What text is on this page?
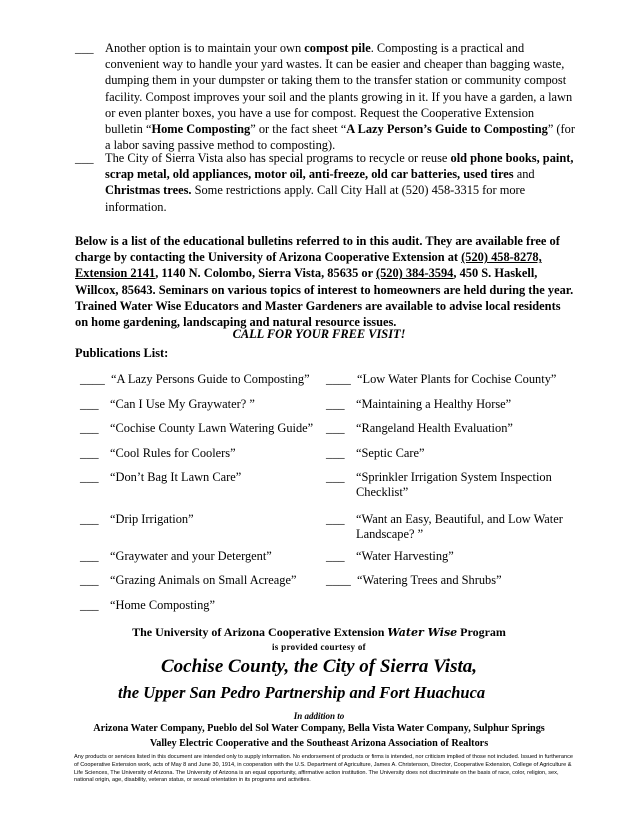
___ Another option is to maintain your own compost pile. Composting is a practical and convenient way to handle your yard wastes. It can be easier and cheaper than bagging waste, dumping them in your dumpster or taking them to the transfer station or community compost facility. Compost improves your soil and the plants growing in it. If you have a garden, a lawn or even planter boxes, you have a use for compost. Request the Cooperative Extension bulletin “Home Composting” or the fact sheet “A Lazy Person’s Guide to Composting” (for a labor saving passive method to composting).
___ The City of Sierra Vista also has special programs to recycle or reuse old phone books, paint, scrap metal, old appliances, motor oil, anti-freeze, old car batteries, used tires and Christmas trees. Some restrictions apply. Call City Hall at (520) 458-3315 for more information.
Below is a list of the educational bulletins referred to in this audit. They are available free of charge by contacting the University of Arizona Cooperative Extension at (520) 458-8278, Extension 2141, 1140 N. Colombo, Sierra Vista, 85635 or (520) 384-3594, 450 S. Haskell, Willcox, 85643. Seminars on various topics of interest to homeowners are held during the year. Trained Water Wise Educators and Master Gardeners are available to advise local residents on home gardening, landscaping and natural resource issues.
CALL FOR YOUR FREE VISIT!
Publications List:
____ “A Lazy Persons Guide to Composting”
___ “Can I Use My Graywater? ”
___ “Cochise County Lawn Watering Guide”
___ “Cool Rules for Coolers”
___ “Don’t Bag It Lawn Care”
___ “Drip Irrigation”
___ “Graywater and your Detergent”
___ “Grazing Animals on Small Acreage”
___ “Home Composting”
____ “Low Water Plants for Cochise County”
___ “Maintaining a Healthy Horse”
___ “Rangeland Health Evaluation”
___ “Septic Care”
___ “Sprinkler Irrigation System Inspection Checklist”
___ “Want an Easy, Beautiful, and Low Water Landscape? ”
___ “Water Harvesting”
____ “Watering Trees and Shrubs”
The University of Arizona Cooperative Extension Water Wise Program
is provided courtesy of
Cochise County, the City of Sierra Vista,
the Upper San Pedro Partnership and Fort Huachuca
In addition to
Arizona Water Company, Pueblo del Sol Water Company, Bella Vista Water Company, Sulphur Springs
Valley Electric Cooperative and the Southeast Arizona Association of Realtors
Any products or services listed in this document are intended only to supply information. No endorsement of products or firms is intended, nor criticism implied of those not included. Issued in furtherance of Cooperative Extension work, acts of May 8 and June 30, 1914, in cooperation with the U.S. Department of Agriculture, James A. Christenson, Director, Cooperative Extension, College of Agriculture & Life Sciences, The University of Arizona. The University of Arizona is an equal opportunity, affirmative action institution. The University does not discriminate on the basis of race, color, religion, sex, national origin, age, disability, veteran status, or sexual orientation in its programs and activities.
